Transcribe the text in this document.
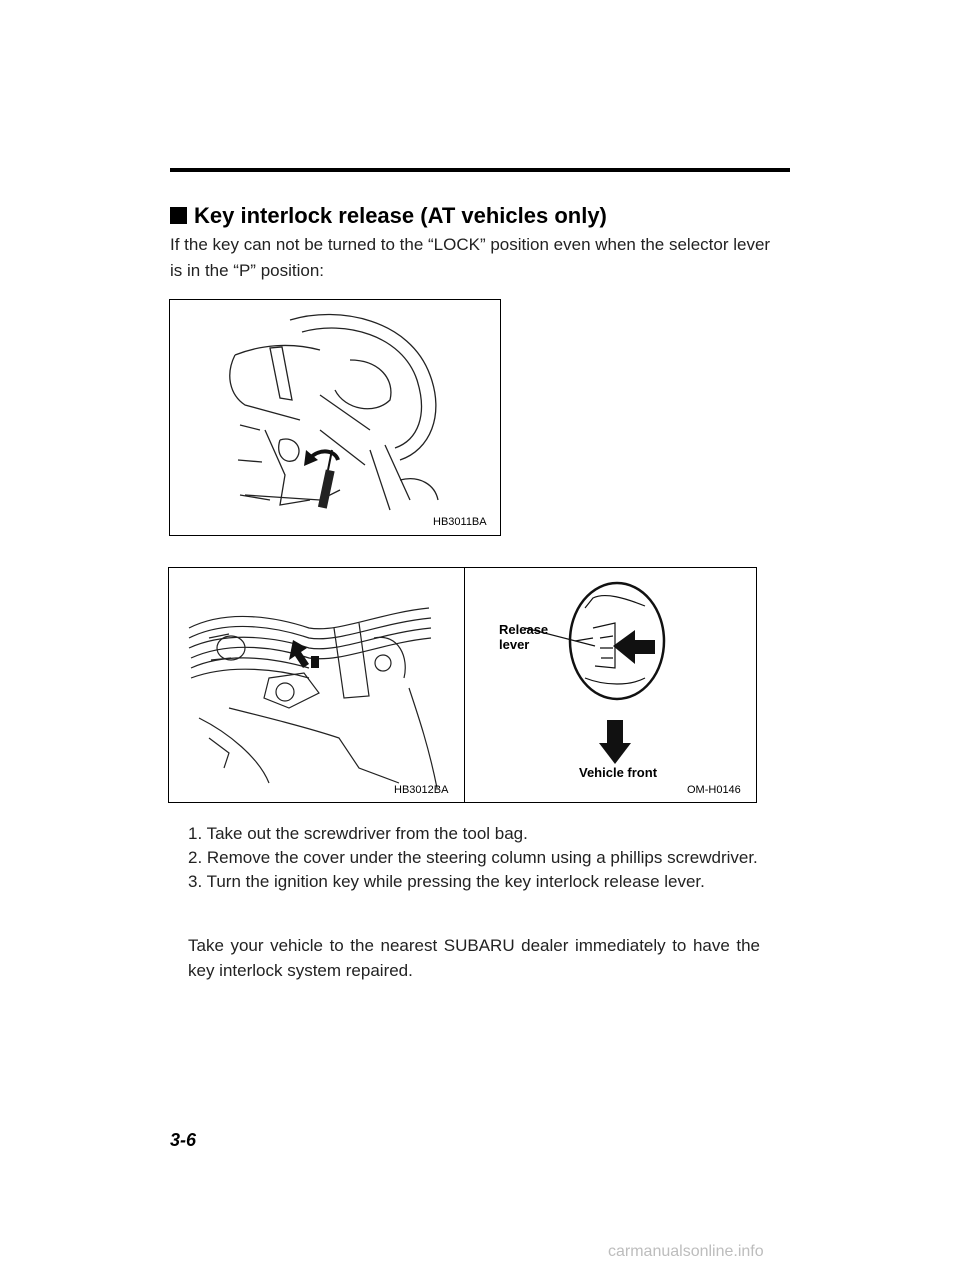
Key interlock release (AT vehicles only)
If the key can not be turned to the “LOCK” position even when the selector lever is in the “P” position:
HB3011BA
HB3012BA
Release
lever
Vehicle front
OM-H0146

1. Take out the screwdriver from the tool bag.

2. Remove the cover under the steering column using a phillips screwdriver.

3. Turn the ignition key while pressing the key interlock release lever.

Take your vehicle to the nearest SUBARU dealer immediately to have the key interlock system repaired.
3-6
carmanualsonline.info
